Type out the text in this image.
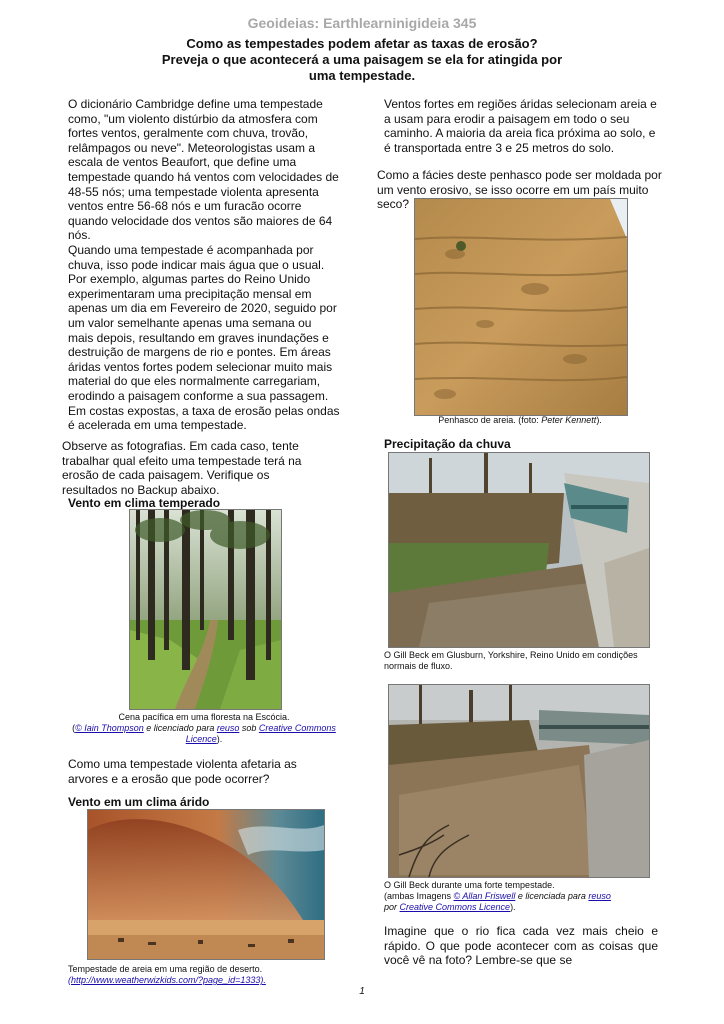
Geoideias: Earthlearninigideia 345
Como as tempestades podem afetar as taxas de erosão?
Preveja o que acontecerá a uma paisagem se ela for atingida por
uma tempestade.
O dicionário Cambridge define uma tempestade como, "um violento distúrbio da atmosfera com fortes ventos, geralmente com chuva, trovão, relâmpagos ou neve". Meteorologistas usam a escala de ventos Beaufort, que define uma tempestade quando há ventos com velocidades de 48-55 nós; uma tempestade violenta apresenta ventos entre 56-68 nós e um furacão ocorre quando velocidade dos ventos são maiores de 64 nós.
Quando uma tempestade é acompanhada por chuva, isso pode indicar mais água que o usual. Por exemplo, algumas partes do Reino Unido experimentaram uma precipitação mensal em apenas um dia em Fevereiro de 2020, seguido por um valor semelhante apenas uma semana ou mais depois, resultando em graves inundações e destruição de margens de rio e pontes. Em áreas áridas ventos fortes podem selecionar muito mais material do que eles normalmente carregariam, erodindo a paisagem conforme a sua passagem. Em costas expostas, a taxa de erosão pelas ondas é acelerada em uma tempestade.
Observe as fotografias. Em cada caso, tente trabalhar qual efeito uma tempestade terá na erosão de cada paisagem. Verifique os resultados no Backup abaixo.
Vento em clima temperado
Cena pacífica em uma floresta na Escócia.
(© Iain Thompson e licenciado para reuso sob Creative Commons Licence).
Como uma tempestade violenta afetaria as arvores e a erosão que pode ocorrer?
Vento em um clima árido
Tempestade de areia em uma região de deserto.
(http://www.weatherwizkids.com/?page_id=1333).
Ventos fortes em regiões áridas selecionam areia e a usam para erodir a paisagem em todo o seu caminho. A maioria da areia fica próxima ao solo, e é transportada entre 3 e 25 metros do solo.
Como a fácies deste penhasco pode ser moldada por um vento erosivo, se isso ocorre em um país muito seco?
Penhasco de areia. (foto: Peter Kennett).
Precipitação da chuva
O Gill Beck em Glusburn, Yorkshire, Reino Unido em condições normais de fluxo.
O Gill Beck durante uma forte tempestade.
(ambas Imagens © Allan Friswell e licenciada para reuso
por Creative Commons Licence).
Imagine que o rio fica cada vez mais cheio e rápido. O que pode acontecer com as coisas que você vê na foto? Lembre-se que se
1
